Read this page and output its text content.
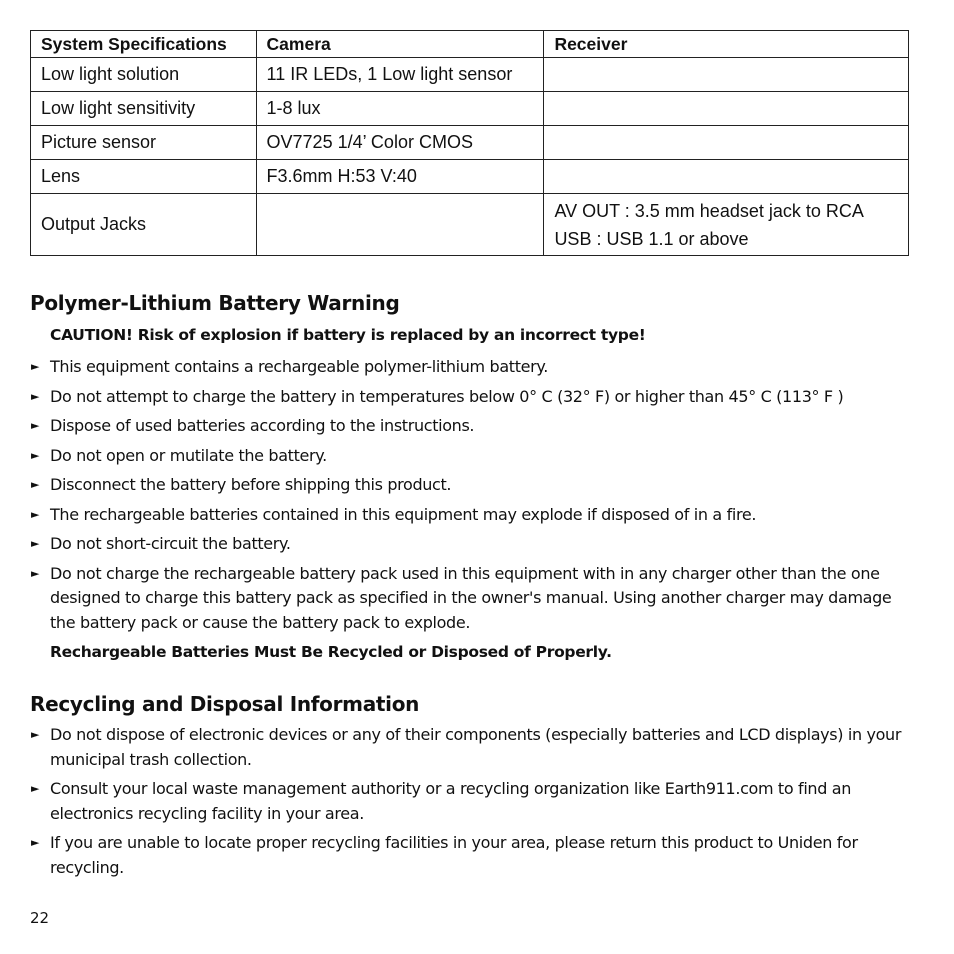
System Specifications	Camera	Receiver
Low light solution	11 IR LEDs, 1 Low light sensor	
Low light sensitivity	1-8 lux	
Picture sensor	OV7725 1/4’ Color CMOS	
Lens	F3.6mm H:53 V:40	
Output Jacks		AV OUT : 3.5 mm headset jack to RCA
USB : USB 1.1 or above
Polymer-Lithium Battery Warning
CAUTION! Risk of explosion if battery is replaced by an incorrect type!
► This equipment contains a rechargeable polymer-lithium battery.
► Do not attempt to charge the battery in temperatures below 0° C (32° F) or higher than 45° C (113° F )
► Dispose of used batteries according to the instructions.
► Do not open or mutilate the battery.
► Disconnect the battery before shipping this product.
► The rechargeable batteries contained in this equipment may explode if disposed of in a fire.
► Do not short-circuit the battery.
► Do not charge the rechargeable battery pack used in this equipment with in any charger other than the one designed to charge this battery pack as specified in the owner's manual. Using another charger may damage the battery pack or cause the battery pack to explode.
Rechargeable Batteries Must Be Recycled or Disposed of Properly.
Recycling and Disposal Information
► Do not dispose of electronic devices or any of their components (especially batteries and LCD displays) in your municipal trash collection.
► Consult your local waste management authority or a recycling organization like Earth911.com to find an electronics recycling facility in your area.
► If you are unable to locate proper recycling facilities in your area, please return this product to Uniden for recycling.
22
